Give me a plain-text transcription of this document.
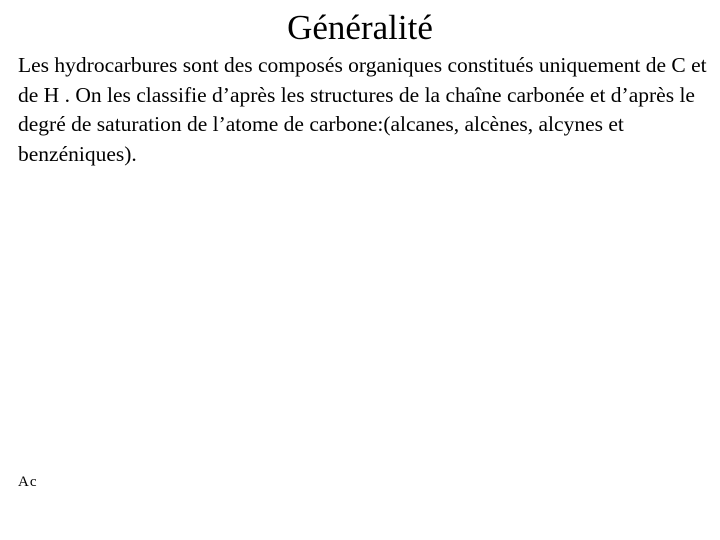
Généralité

Les hydrocarbures sont des composés organiques constitués uniquement de C et de H . On les classifie d’après les structures de la chaîne carbonée et d’après le degré de saturation de l’atome de carbone:(alcanes, alcènes, alcynes et benzéniques).

Ac
